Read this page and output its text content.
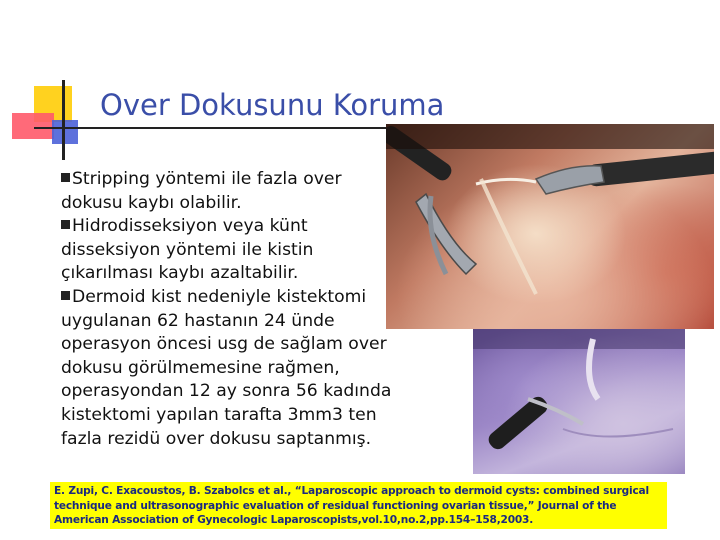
Over Dokusunu Koruma

Stripping yöntemi ile fazla over dokusu kaybı olabilir.

Hidrodisseksiyon veya künt disseksiyon yöntemi ile kistin çıkarılması kaybı azaltabilir.

Dermoid kist nedeniyle kistektomi uygulanan 62 hastanın 24 ünde operasyon öncesi usg de sağlam over dokusu görülmemesine rağmen, operasyondan 12 ay sonra 56 kadında kistektomi yapılan tarafta 3mm3 ten fazla rezidü over dokusu saptanmış.

E. Zupi, C. Exacoustos, B. Szabolcs et al., “Laparoscopic approach to dermoid cysts: combined surgical technique and ultrasonographic evaluation of residual functioning ovarian tissue,” Journal of the American Association of Gynecologic Laparoscopists,vol.10,no.2,pp.154–158,2003.
